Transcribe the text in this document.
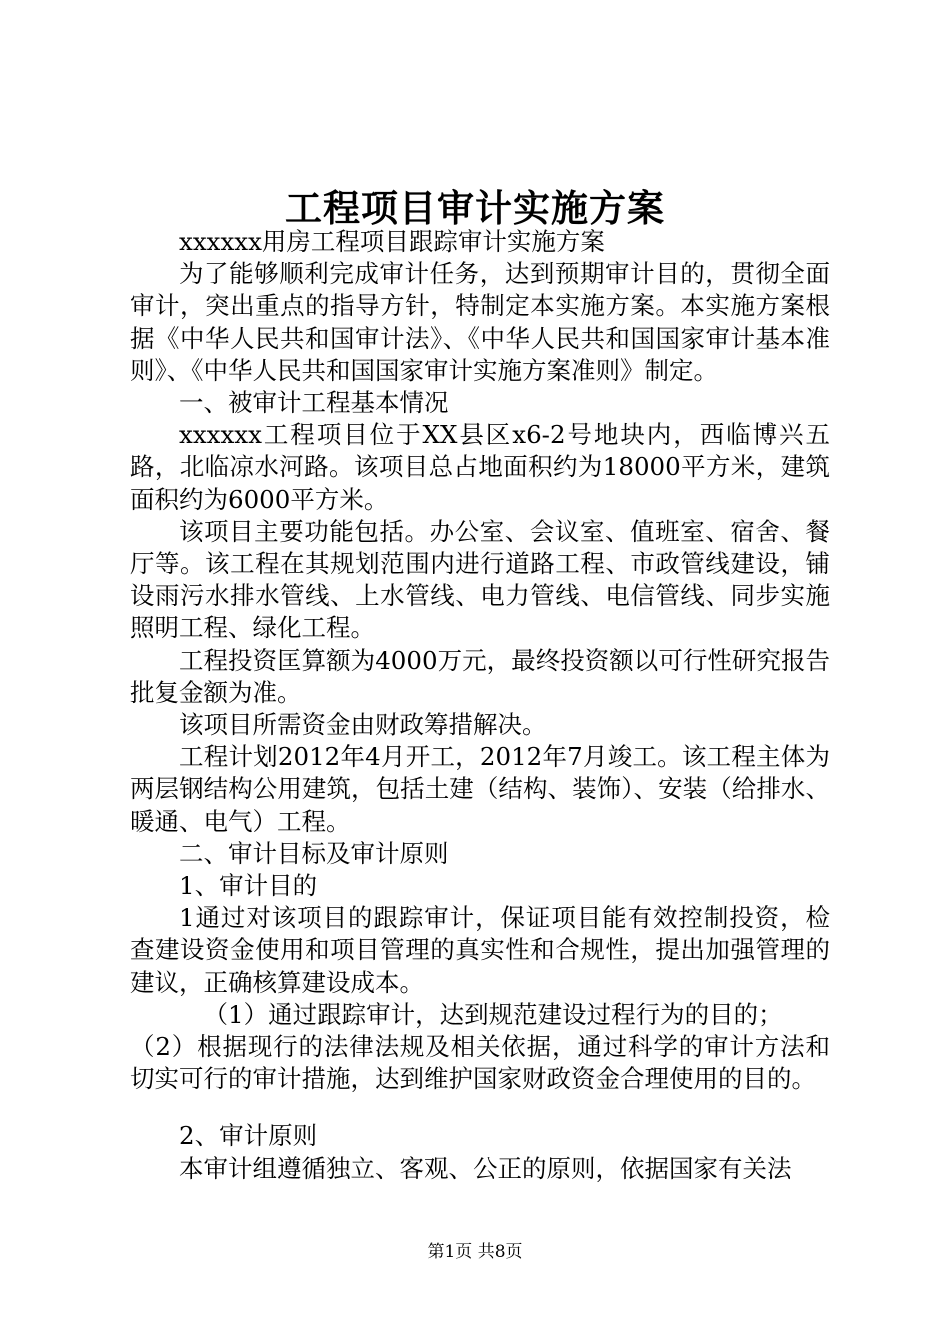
工程项目审计实施方案

xxxxxx用房工程项目跟踪审计实施方案

为了能够顺利完成审计任务，达到预期审计目的，贯彻全面审计，突出重点的指导方针，特制定本实施方案。本实施方案根据《中华人民共和国审计法》、《中华人民共和国国家审计基本准则》、《中华人民共和国国家审计实施方案准则》制定。

一、被审计工程基本情况

xxxxxx工程项目位于XX县区x6-2号地块内，西临博兴五路，北临凉水河路。该项目总占地面积约为18000平方米，建筑面积约为6000平方米。

该项目主要功能包括。办公室、会议室、值班室、宿舍、餐厅等。该工程在其规划范围内进行道路工程、市政管线建设，铺设雨污水排水管线、上水管线、电力管线、电信管线、同步实施照明工程、绿化工程。

工程投资匡算额为4000万元，最终投资额以可行性研究报告批复金额为准。

该项目所需资金由财政筹措解决。

工程计划2012年4月开工，2012年7月竣工。该工程主体为两层钢结构公用建筑，包括土建（结构、装饰）、安装（给排水、暖通、电气）工程。

二、审计目标及审计原则

1、审计目的

1通过对该项目的跟踪审计，保证项目能有效控制投资，检查建设资金使用和项目管理的真实性和合规性，提出加强管理的建议，正确核算建设成本。

（1）通过跟踪审计，达到规范建设过程行为的目的；

（2）根据现行的法律法规及相关依据，通过科学的审计方法和切实可行的审计措施，达到维护国家财政资金合理使用的目的。

2、审计原则

本审计组遵循独立、客观、公正的原则，依据国家有关法

第1页 共8页
